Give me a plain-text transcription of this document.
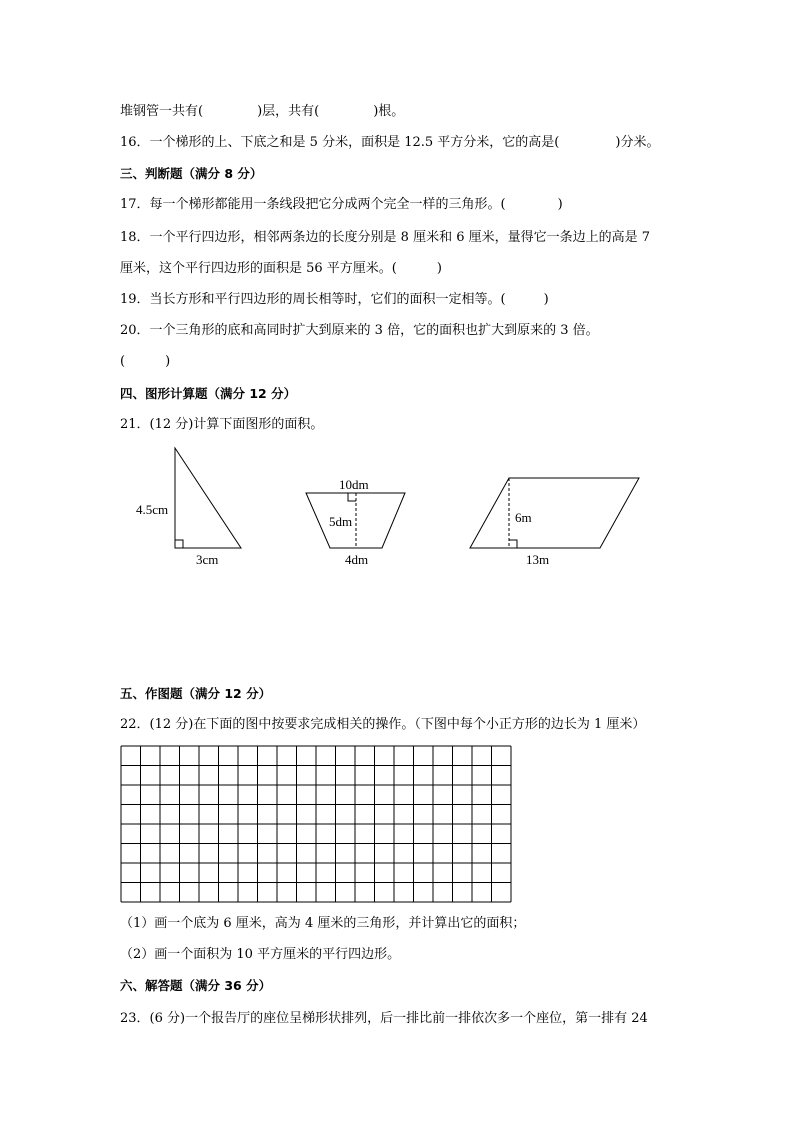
堆钢管一共有(	)层，共有(	)根。
16．一个梯形的上、下底之和是 5 分米，面积是 12.5 平方分米，它的高是(	)分米。
三、判断题（满分 8 分）
17．每一个梯形都能用一条线段把它分成两个完全一样的三角形。(	)
18．一个平行四边形，相邻两条边的长度分别是 8 厘米和 6 厘米，量得它一条边上的高是 7
厘米，这个平行四边形的面积是 56 平方厘米。(	)
19．当长方形和平行四边形的周长相等时，它们的面积一定相等。(	)
20．一个三角形的底和高同时扩大到原来的 3 倍，它的面积也扩大到原来的 3 倍。
(	)
四、图形计算题（满分 12 分）
21．(12 分)计算下面图形的面积。
4.5cm
3cm
10dm
5dm
4dm
6m
13m
五、作图题（满分 12 分）
22．(12 分)在下面的图中按要求完成相关的操作。（下图中每个小正方形的边长为 1 厘米）
（1）画一个底为 6 厘米，高为 4 厘米的三角形，并计算出它的面积；
（2）画一个面积为 10 平方厘米的平行四边形。
六、解答题（满分 36 分）
23．(6 分)一个报告厅的座位呈梯形状排列，后一排比前一排依次多一个座位，第一排有 24
